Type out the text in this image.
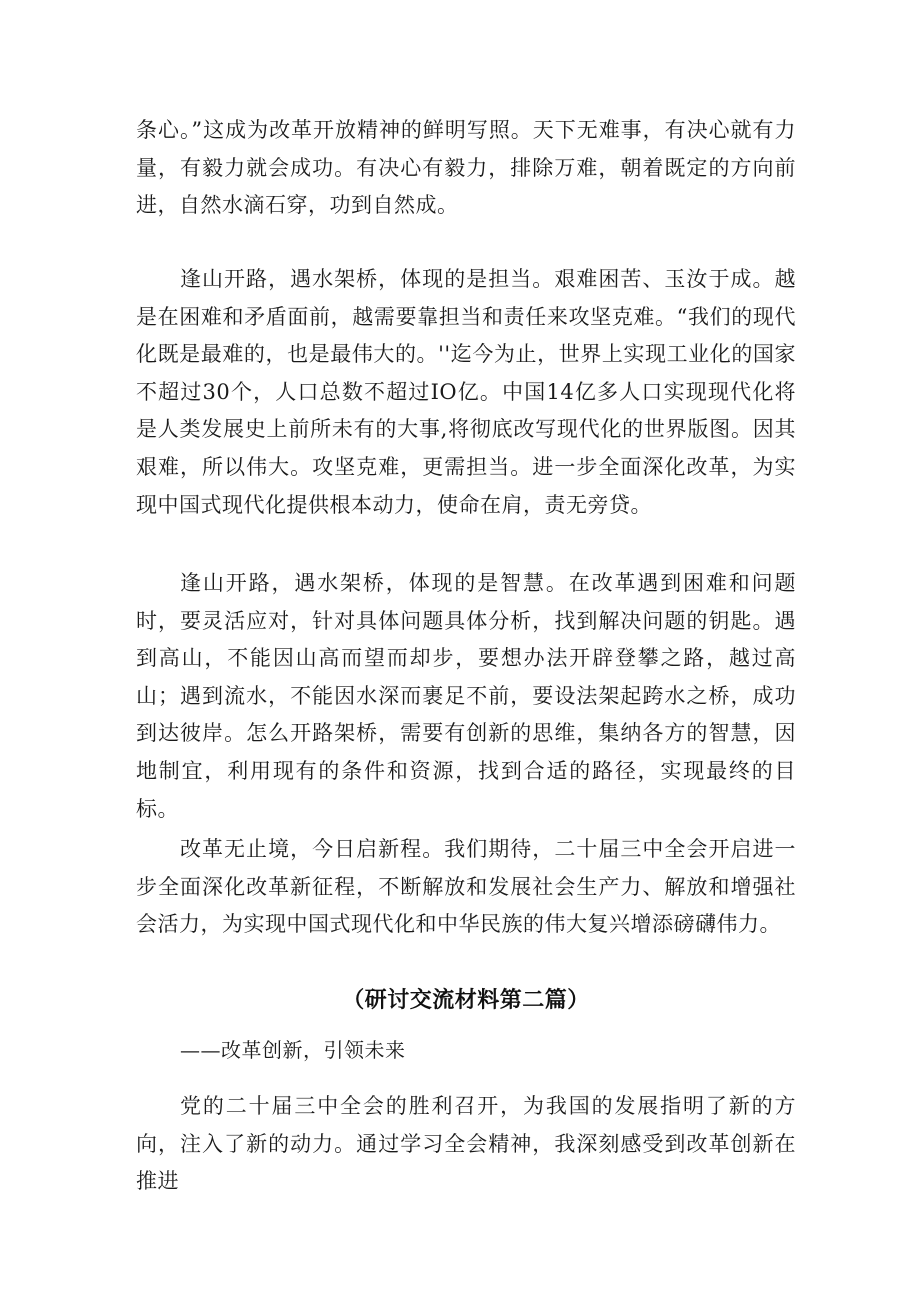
条心。”这成为改革开放精神的鲜明写照。天下无难事，有决心就有力量，有毅力就会成功。有决心有毅力，排除万难，朝着既定的方向前进，自然水滴石穿，功到自然成。

逢山开路，遇水架桥，体现的是担当。艰难困苦、玉汝于成。越是在困难和矛盾面前，越需要靠担当和责任来攻坚克难。“我们的现代化既是最难的，也是最伟大的。''迄今为止，世界上实现工业化的国家不超过30个，人口总数不超过IO亿。中国14亿多人口实现现代化将是人类发展史上前所未有的大事,将彻底改写现代化的世界版图。因其艰难，所以伟大。攻坚克难，更需担当。进一步全面深化改革，为实现中国式现代化提供根本动力，使命在肩，责无旁贷。

逢山开路，遇水架桥，体现的是智慧。在改革遇到困难和问题时，要灵活应对，针对具体问题具体分析，找到解决问题的钥匙。遇到高山，不能因山高而望而却步，要想办法开辟登攀之路，越过高山；遇到流水，不能因水深而裹足不前，要设法架起跨水之桥，成功到达彼岸。怎么开路架桥，需要有创新的思维，集纳各方的智慧，因地制宜，利用现有的条件和资源，找到合适的路径，实现最终的目标。

改革无止境，今日启新程。我们期待，二十届三中全会开启进一步全面深化改革新征程，不断解放和发展社会生产力、解放和增强社会活力，为实现中国式现代化和中华民族的伟大复兴增添磅礴伟力。

（研讨交流材料第二篇）

——改革创新，引领未来

党的二十届三中全会的胜利召开，为我国的发展指明了新的方向，注入了新的动力。通过学习全会精神，我深刻感受到改革创新在推进
